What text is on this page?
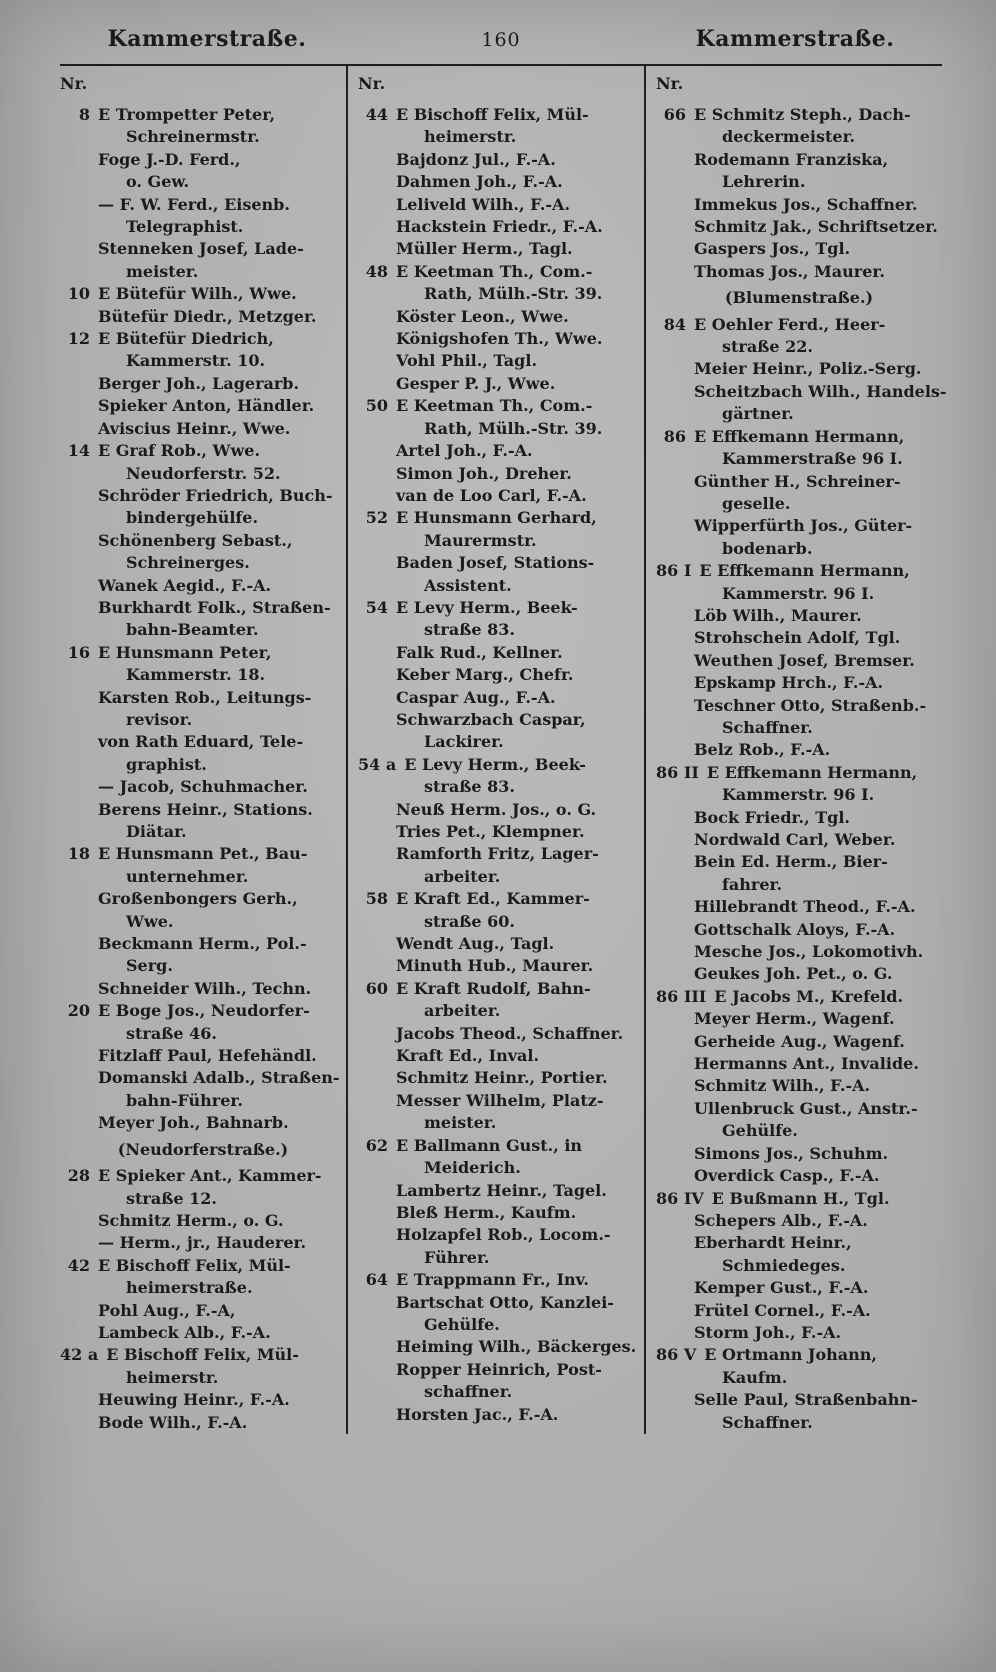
Kammerstraße.	160	Kammerstraße.
Nr.
8 E Trompetter Peter,
Schreinermstr.
Foge J.-D. Ferd.,
o. Gew.
— F. W. Ferd., Eisenb.
Telegraphist.
Stenneken Josef, Lade-
meister.
10 E Bütefür Wilh., Wwe.
Bütefür Diedr., Metzger.
12 E Bütefür Diedrich,
Kammerstr. 10.
Berger Joh., Lagerarb.
Spieker Anton, Händler.
Aviscius Heinr., Wwe.
14 E Graf Rob., Wwe.
Neudorferstr. 52.
Schröder Friedrich, Buch-
bindergehülfe.
Schönenberg Sebast.,
Schreinerges.
Wanek Aegid., F.-A.
Burkhardt Folk., Straßen-
bahn-Beamter.
16 E Hunsmann Peter,
Kammerstr. 18.
Karsten Rob., Leitungs-
revisor.
von Rath Eduard, Tele-
graphist.
— Jacob, Schuhmacher.
Berens Heinr., Stations.
Diätar.
18 E Hunsmann Pet., Bau-
unternehmer.
Großenbongers Gerh.,
Wwe.
Beckmann Herm., Pol.-
Serg.
Schneider Wilh., Techn.
20 E Boge Jos., Neudorfer-
straße 46.
Fitzlaff Paul, Hefehändl.
Domanski Adalb., Straßen-
bahn-Führer.
Meyer Joh., Bahnarb.
(Neudorferstraße.)
28 E Spieker Ant., Kammer-
straße 12.
Schmitz Herm., o. G.
— Herm., jr., Hauderer.
42 E Bischoff Felix, Mül-
heimerstraße.
Pohl Aug., F.-A,
Lambeck Alb., F.-A.
42 a E Bischoff Felix, Mül-
heimerstr.
Heuwing Heinr., F.-A.
Bode Wilh., F.-A.
Nr.
44 E Bischoff Felix, Mül-
heimerstr.
Bajdonz Jul., F.-A.
Dahmen Joh., F.-A.
Leliveld Wilh., F.-A.
Hackstein Friedr., F.-A.
Müller Herm., Tagl.
48 E Keetman Th., Com.-
Rath, Mülh.-Str. 39.
Köster Leon., Wwe.
Königshofen Th., Wwe.
Vohl Phil., Tagl.
Gesper P. J., Wwe.
50 E Keetman Th., Com.-
Rath, Mülh.-Str. 39.
Artel Joh., F.-A.
Simon Joh., Dreher.
van de Loo Carl, F.-A.
52 E Hunsmann Gerhard,
Maurermstr.
Baden Josef, Stations-
Assistent.
54 E Levy Herm., Beek-
straße 83.
Falk Rud., Kellner.
Keber Marg., Chefr.
Caspar Aug., F.-A.
Schwarzbach Caspar,
Lackirer.
54 a E Levy Herm., Beek-
straße 83.
Neuß Herm. Jos., o. G.
Tries Pet., Klempner.
Ramforth Fritz, Lager-
arbeiter.
58 E Kraft Ed., Kammer-
straße 60.
Wendt Aug., Tagl.
Minuth Hub., Maurer.
60 E Kraft Rudolf, Bahn-
arbeiter.
Jacobs Theod., Schaffner.
Kraft Ed., Inval.
Schmitz Heinr., Portier.
Messer Wilhelm, Platz-
meister.
62 E Ballmann Gust., in
Meiderich.
Lambertz Heinr., Tagel.
Bleß Herm., Kaufm.
Holzapfel Rob., Locom.-
Führer.
64 E Trappmann Fr., Inv.
Bartschat Otto, Kanzlei-
Gehülfe.
Heiming Wilh., Bäckerges.
Ropper Heinrich, Post-
schaffner.
Horsten Jac., F.-A.
Nr.
66 E Schmitz Steph., Dach-
deckermeister.
Rodemann Franziska,
Lehrerin.
Immekus Jos., Schaffner.
Schmitz Jak., Schriftsetzer.
Gaspers Jos., Tgl.
Thomas Jos., Maurer.
(Blumenstraße.)
84 E Oehler Ferd., Heer-
straße 22.
Meier Heinr., Poliz.-Serg.
Scheitzbach Wilh., Handels-
gärtner.
86 E Effkemann Hermann,
Kammerstraße 96 I.
Günther H., Schreiner-
geselle.
Wipperfürth Jos., Güter-
bodenarb.
86 I E Effkemann Hermann,
Kammerstr. 96 I.
Löb Wilh., Maurer.
Strohschein Adolf, Tgl.
Weuthen Josef, Bremser.
Epskamp Hrch., F.-A.
Teschner Otto, Straßenb.-
Schaffner.
Belz Rob., F.-A.
86 II E Effkemann Hermann,
Kammerstr. 96 I.
Bock Friedr., Tgl.
Nordwald Carl, Weber.
Bein Ed. Herm., Bier-
fahrer.
Hillebrandt Theod., F.-A.
Gottschalk Aloys, F.-A.
Mesche Jos., Lokomotivh.
Geukes Joh. Pet., o. G.
86 III E Jacobs M., Krefeld.
Meyer Herm., Wagenf.
Gerheide Aug., Wagenf.
Hermanns Ant., Invalide.
Schmitz Wilh., F.-A.
Ullenbruck Gust., Anstr.-
Gehülfe.
Simons Jos., Schuhm.
Overdick Casp., F.-A.
86 IV E Bußmann H., Tgl.
Schepers Alb., F.-A.
Eberhardt Heinr.,
Schmiedeges.
Kemper Gust., F.-A.
Frütel Cornel., F.-A.
Storm Joh., F.-A.
86 V E Ortmann Johann,
Kaufm.
Selle Paul, Straßenbahn-
Schaffner.
